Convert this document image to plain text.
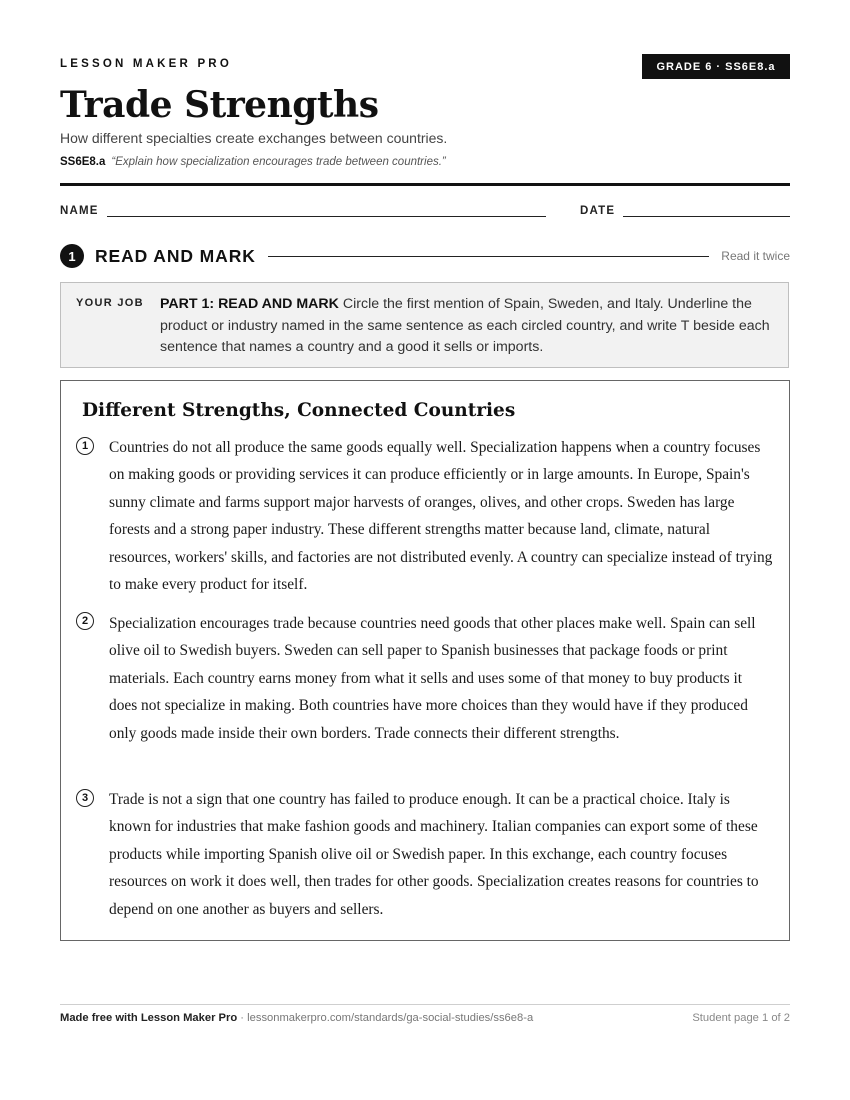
LESSON MAKER PRO	GRADE 6 · SS6E8.a
Trade Strengths
How different specialties create exchanges between countries.
SS6E8.a “Explain how specialization encourages trade between countries.”
NAME	DATE
1	READ AND MARK	Read it twice
YOUR JOB PART 1: READ AND MARK Circle the first mention of Spain, Sweden, and Italy. Underline the product or industry named in the same sentence as each circled country, and write T beside each sentence that names a country and a good it sells or imports.
Different Strengths, Connected Countries
1	Countries do not all produce the same goods equally well. Specialization happens when a country focuses on making goods or providing services it can produce efficiently or in large amounts. In Europe, Spain's sunny climate and farms support major harvests of oranges, olives, and other crops. Sweden has large forests and a strong paper industry. These different strengths matter because land, climate, natural resources, workers' skills, and factories are not distributed evenly. A country can specialize instead of trying to make every product for itself.

2	Specialization encourages trade because countries need goods that other places make well. Spain can sell olive oil to Swedish buyers. Sweden can sell paper to Spanish businesses that package foods or print materials. Each country earns money from what it sells and uses some of that money to buy products it does not specialize in making. Both countries have more choices than they would have if they produced only goods made inside their own borders. Trade connects their different strengths.

3	Trade is not a sign that one country has failed to produce enough. It can be a practical choice. Italy is known for industries that make fashion goods and machinery. Italian companies can export some of these products while importing Spanish olive oil or Swedish paper. In this exchange, each country focuses resources on work it does well, then trades for other goods. Specialization creates reasons for countries to depend on one another as buyers and sellers.

Made free with Lesson Maker Pro · lessonmakerpro.com/standards/ga-social-studies/ss6e8-a	Student page 1 of 2
